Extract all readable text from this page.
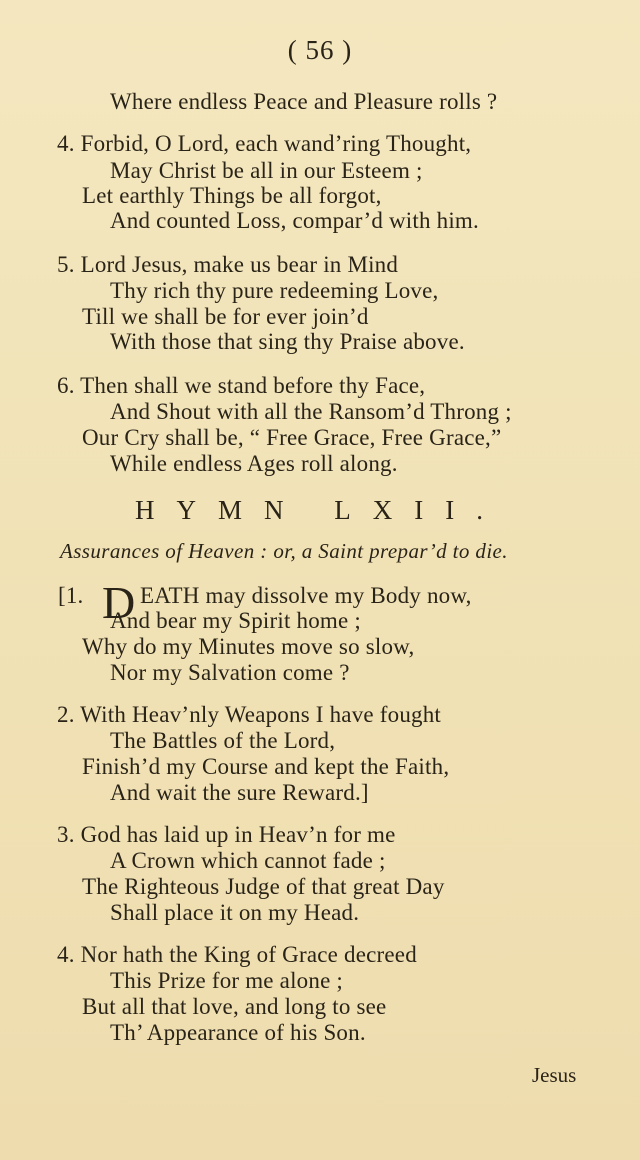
( 56 )
Where endless Peace and Pleasure rolls ?
4. Forbid, O Lord, each wand’ring Thought,
May Christ be all in our Esteem ;
Let earthly Things be all forgot,
And counted Loss, compar’d with him.
5. Lord Jesus, make us bear in Mind
Thy rich thy pure redeeming Love,
Till we shall be for ever join’d
With those that sing thy Praise above.
6. Then shall we stand before thy Face,
And Shout with all the Ransom’d Throng ;
Our Cry shall be, “ Free Grace, Free Grace,”
While endless Ages roll along.
HYMN LXII.
Assurances of Heaven : or, a Saint prepar’d to die.
[1. D EATH may dissolve my Body now,
And bear my Spirit home ;
Why do my Minutes move so slow,
Nor my Salvation come ?
2. With Heav’nly Weapons I have fought
The Battles of the Lord,
Finish’d my Course and kept the Faith,
And wait the sure Reward.]
3. God has laid up in Heav’n for me
A Crown which cannot fade ;
The Righteous Judge of that great Day
Shall place it on my Head.
4. Nor hath the King of Grace decreed
This Prize for me alone ;
But all that love, and long to see
Th’ Appearance of his Son.
Jesus
